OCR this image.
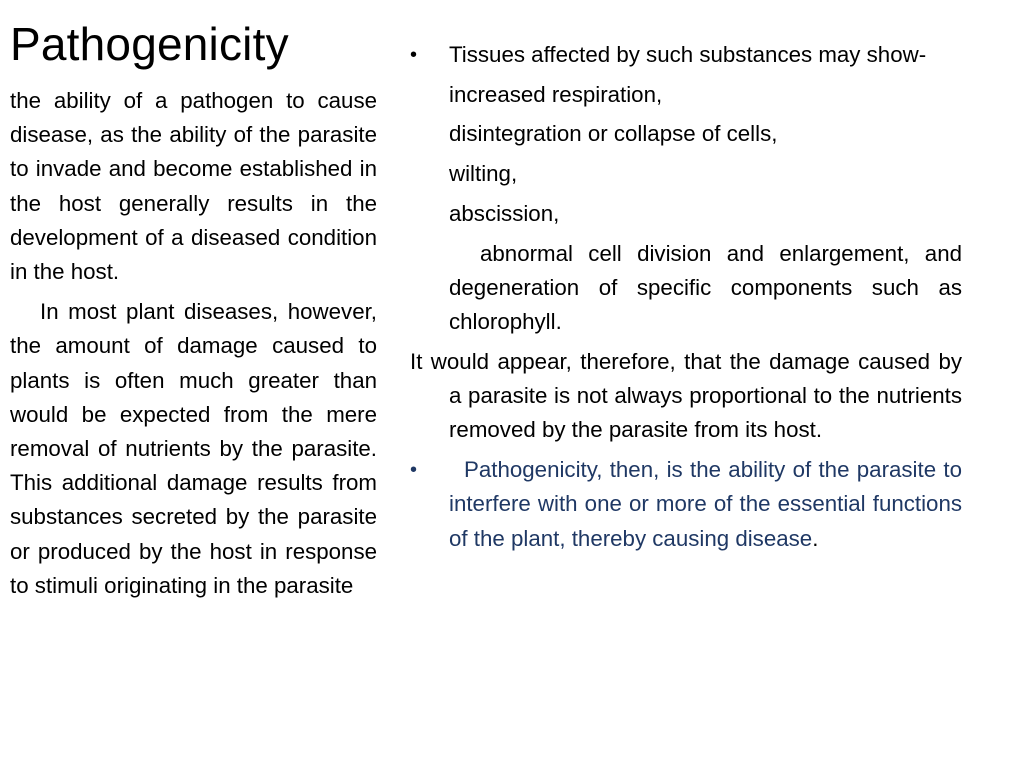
Pathogenicity

the ability of a pathogen to cause disease, as the ability of the parasite to invade and become established in the host generally results in the development of a diseased condition in the host.

In most plant diseases, however, the amount of damage caused to plants is often much greater than would be expected from the mere removal of nutrients by the parasite. This additional damage results from substances secreted by the parasite or produced by the host in response to stimuli originating in the parasite

•	Tissues affected by such substances may show-
increased respiration,
disintegration or collapse of cells,
wilting,
abscission,
abnormal cell division and enlargement, and degeneration of specific components such as chlorophyll.
It would appear, therefore, that the damage caused by a parasite is not always proportional to the nutrients removed by the parasite from its host.
•	Pathogenicity, then, is the ability of the parasite to interfere with one or more of the essential functions of the plant, thereby causing disease.
